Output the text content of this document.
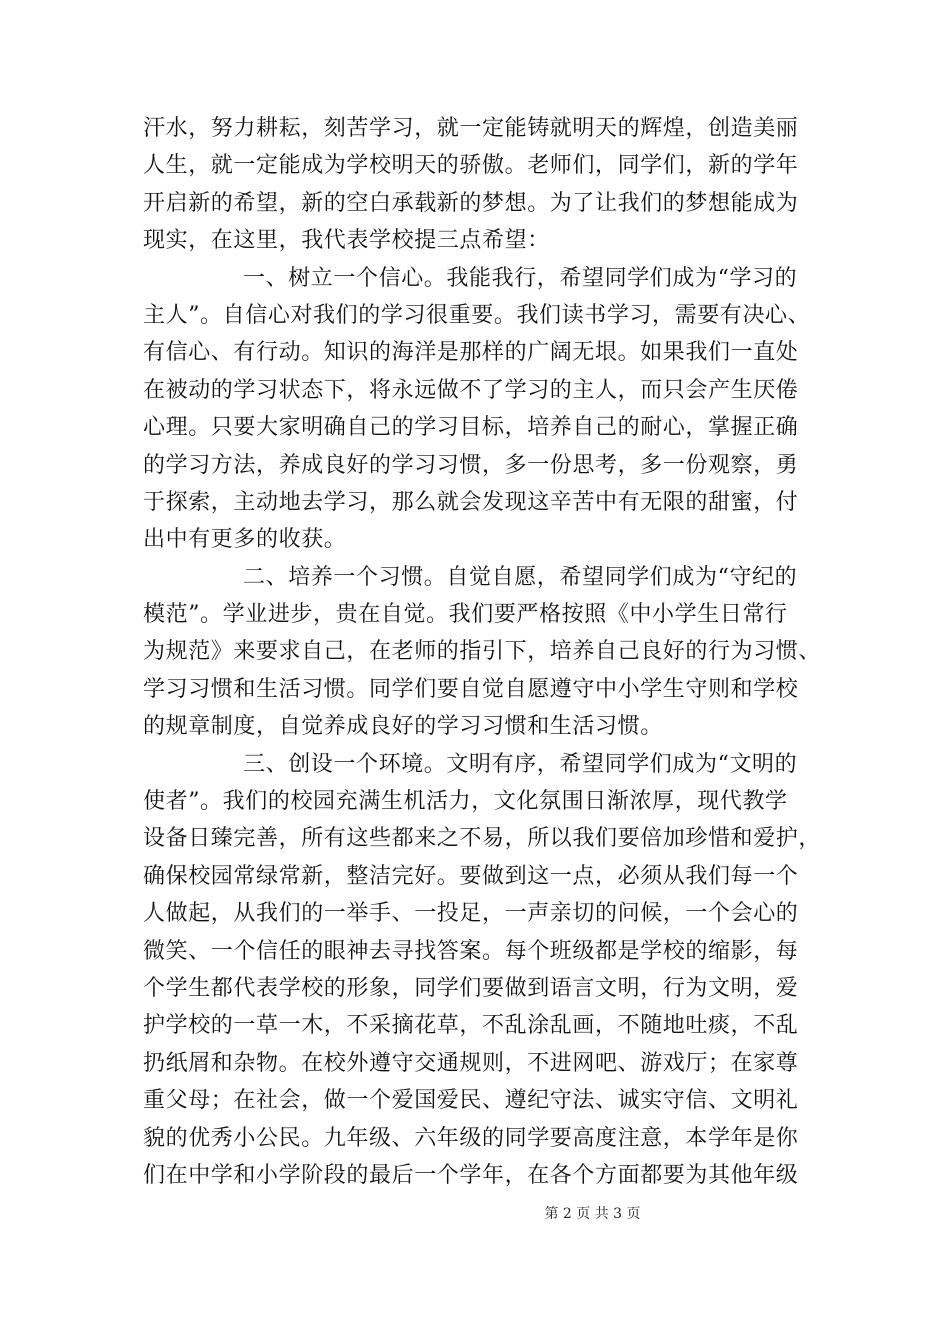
汗水，努力耕耘，刻苦学习，就一定能铸就明天的辉煌，创造美丽
人生，就一定能成为学校明天的骄傲。老师们，同学们，新的学年
开启新的希望，新的空白承载新的梦想。为了让我们的梦想能成为
现实，在这里，我代表学校提三点希望：
一、树立一个信心。我能我行，希望同学们成为“学习的
主人”。自信心对我们的学习很重要。我们读书学习，需要有决心、
有信心、有行动。知识的海洋是那样的广阔无垠。如果我们一直处
在被动的学习状态下，将永远做不了学习的主人，而只会产生厌倦
心理。只要大家明确自己的学习目标，培养自己的耐心，掌握正确
的学习方法，养成良好的学习习惯，多一份思考，多一份观察，勇
于探索，主动地去学习，那么就会发现这辛苦中有无限的甜蜜，付
出中有更多的收获。
二、培养一个习惯。自觉自愿，希望同学们成为“守纪的
模范”。学业进步，贵在自觉。我们要严格按照《中小学生日常行
为规范》来要求自己，在老师的指引下，培养自己良好的行为习惯、
学习习惯和生活习惯。同学们要自觉自愿遵守中小学生守则和学校
的规章制度，自觉养成良好的学习习惯和生活习惯。
三、创设一个环境。文明有序，希望同学们成为“文明的
使者”。我们的校园充满生机活力，文化氛围日渐浓厚，现代教学
设备日臻完善，所有这些都来之不易，所以我们要倍加珍惜和爱护，
确保校园常绿常新，整洁完好。要做到这一点，必须从我们每一个
人做起，从我们的一举手、一投足，一声亲切的问候，一个会心的
微笑、一个信任的眼神去寻找答案。每个班级都是学校的缩影，每
个学生都代表学校的形象，同学们要做到语言文明，行为文明，爱
护学校的一草一木，不采摘花草，不乱涂乱画，不随地吐痰，不乱
扔纸屑和杂物。在校外遵守交通规则，不进网吧、游戏厅；在家尊
重父母；在社会，做一个爱国爱民、遵纪守法、诚实守信、文明礼
貌的优秀小公民。九年级、六年级的同学要高度注意，本学年是你
们在中学和小学阶段的最后一个学年，在各个方面都要为其他年级
第 2 页 共 3 页
